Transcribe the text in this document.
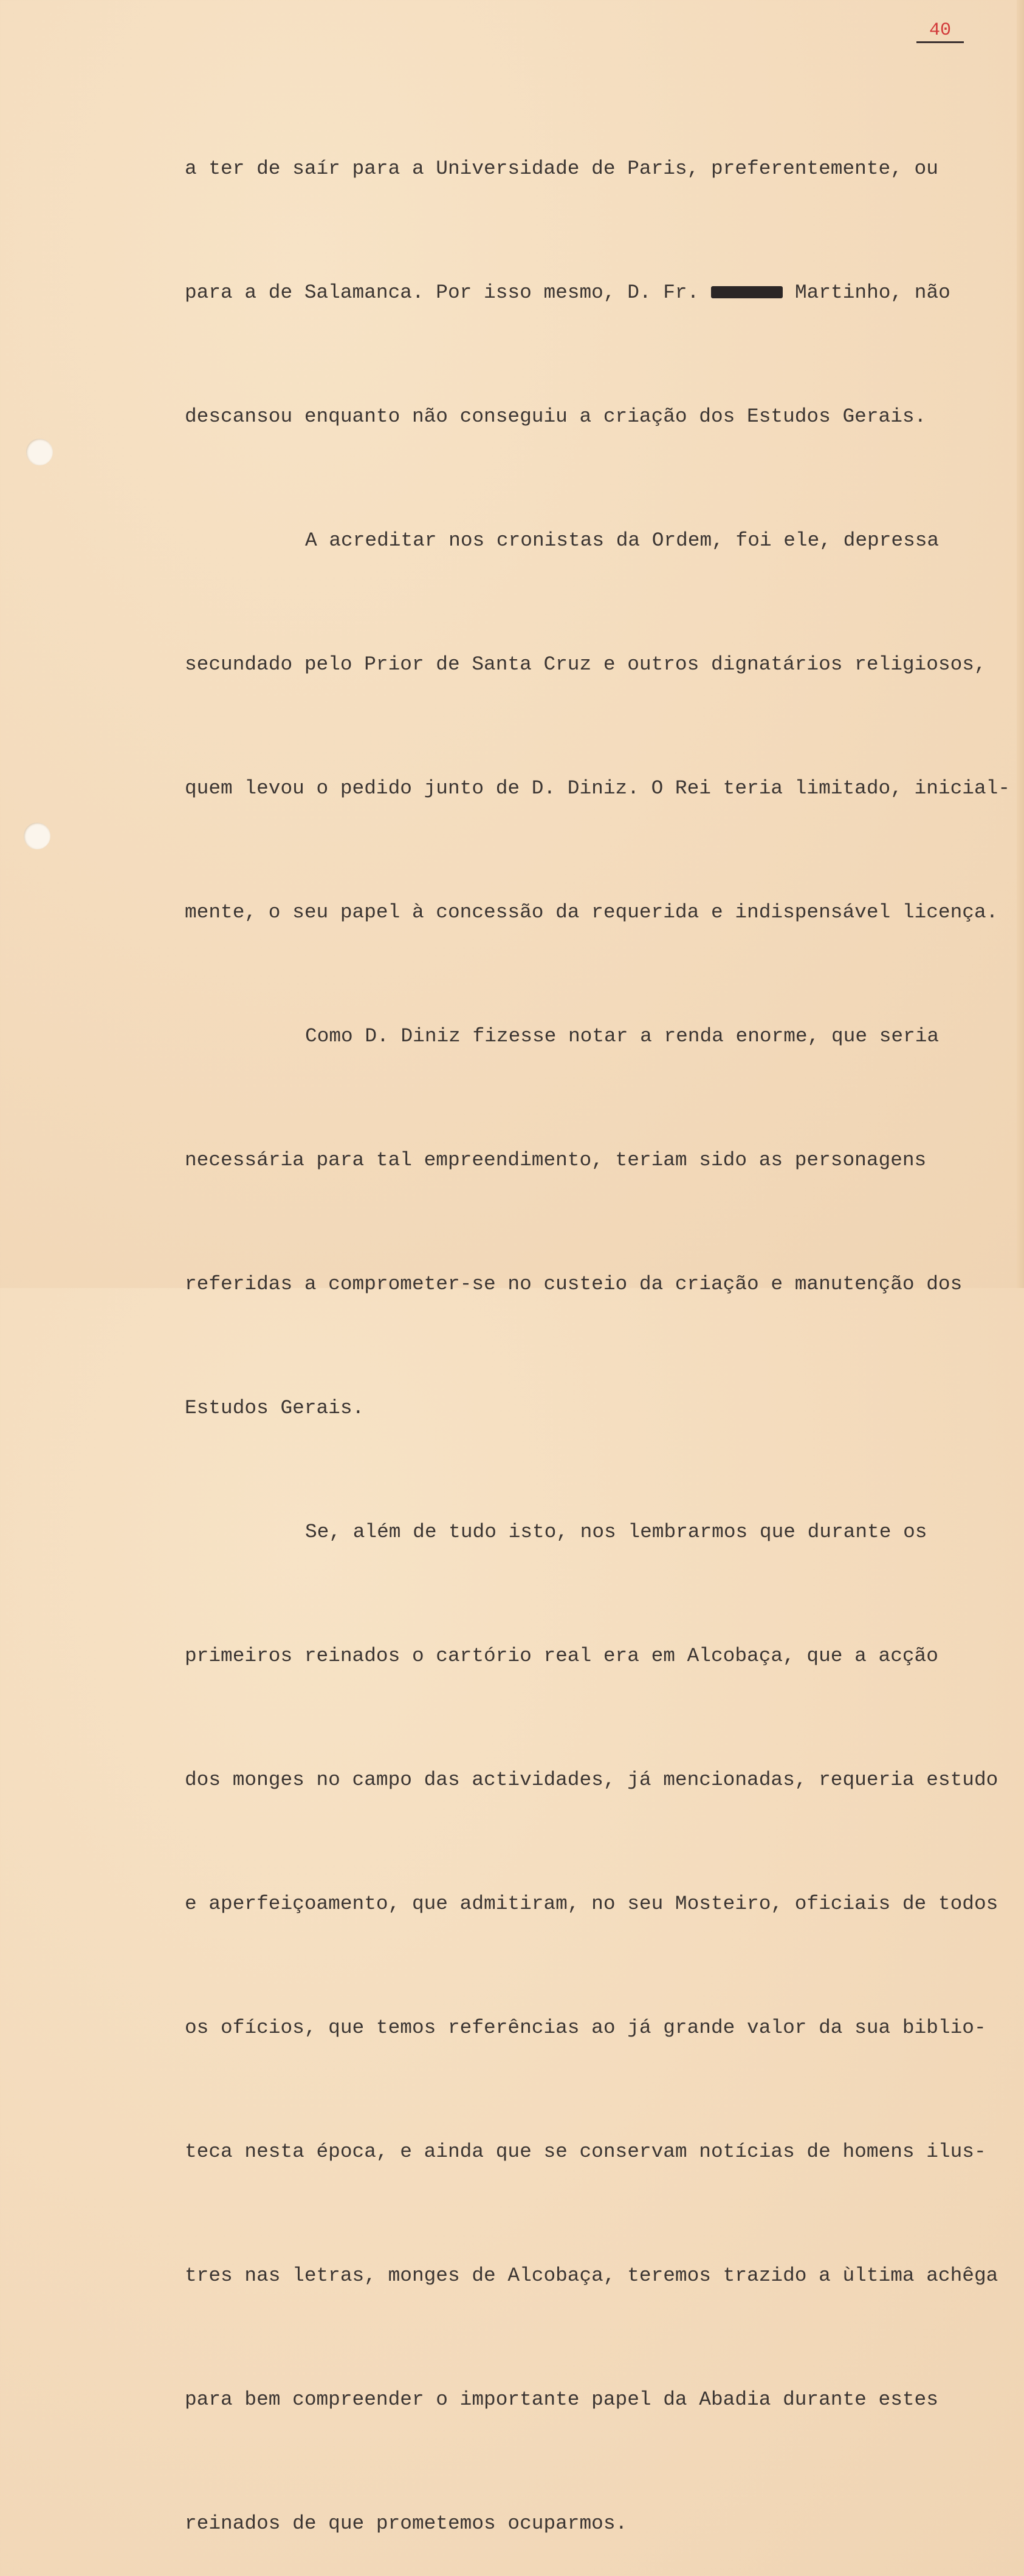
40

a ter de saír para a Universidade de Paris, preferentemente, ou

para a de Salamanca. Por isso mesmo, D. Fr.	Martinho, não

descansou enquanto não conseguiu a criação dos Estudos Gerais.

A acreditar nos cronistas da Ordem, foi ele, depressa

secundado pelo Prior de Santa Cruz e outros dignatários religiosos,

quem levou o pedido junto de D. Diniz. O Rei teria limitado, inicial-

mente, o seu papel à concessão da requerida e indispensável licença.

Como D. Diniz fizesse notar a renda enorme, que seria

necessária para tal empreendimento, teriam sido as personagens

referidas a comprometer-se no custeio da criação e manutenção dos

Estudos Gerais.

Se, além de tudo isto, nos lembrarmos que durante os

primeiros reinados o cartório real era em Alcobaça, que a acção

dos monges no campo das actividades, já mencionadas, requeria estudo

e aperfeiçoamento, que admitiram, no seu Mosteiro, oficiais de todos

os ofícios, que temos referências ao já grande valor da sua biblio-

teca nesta época, e ainda que se conservam notícias de homens ilus-

tres nas letras, monges de Alcobaça, teremos trazido a ùltima achêga

para bem compreender o importante papel da Abadia durante estes

reinados de que prometemos ocuparmos.
